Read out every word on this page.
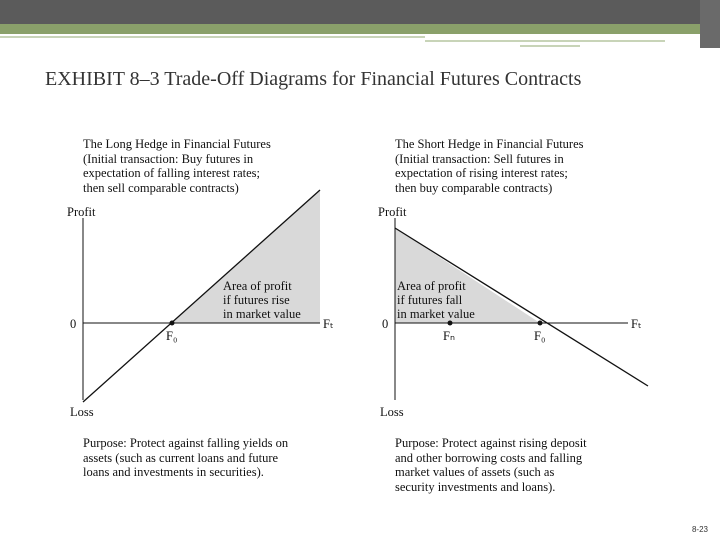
EXHIBIT 8–3 Trade-Off Diagrams for Financial Futures Contracts
The Long Hedge in Financial Futures
(Initial transaction: Buy futures in
expectation of falling interest rates;
then sell comparable contracts)
The Short Hedge in Financial Futures
(Initial transaction: Sell futures in
expectation of rising interest rates;
then buy comparable contracts)
Profit
0
Loss
F₀
Fₜ
Area of profit if futures rise in market value
Profit
0
Loss
Fₙ	F₀
Fₜ
Area of profit if futures fall in market value
Purpose: Protect against falling yields on
assets (such as current loans and future
loans and investments in securities).
Purpose: Protect against rising deposit
and other borrowing costs and falling
market values of assets (such as
security investments and loans).
8-23
